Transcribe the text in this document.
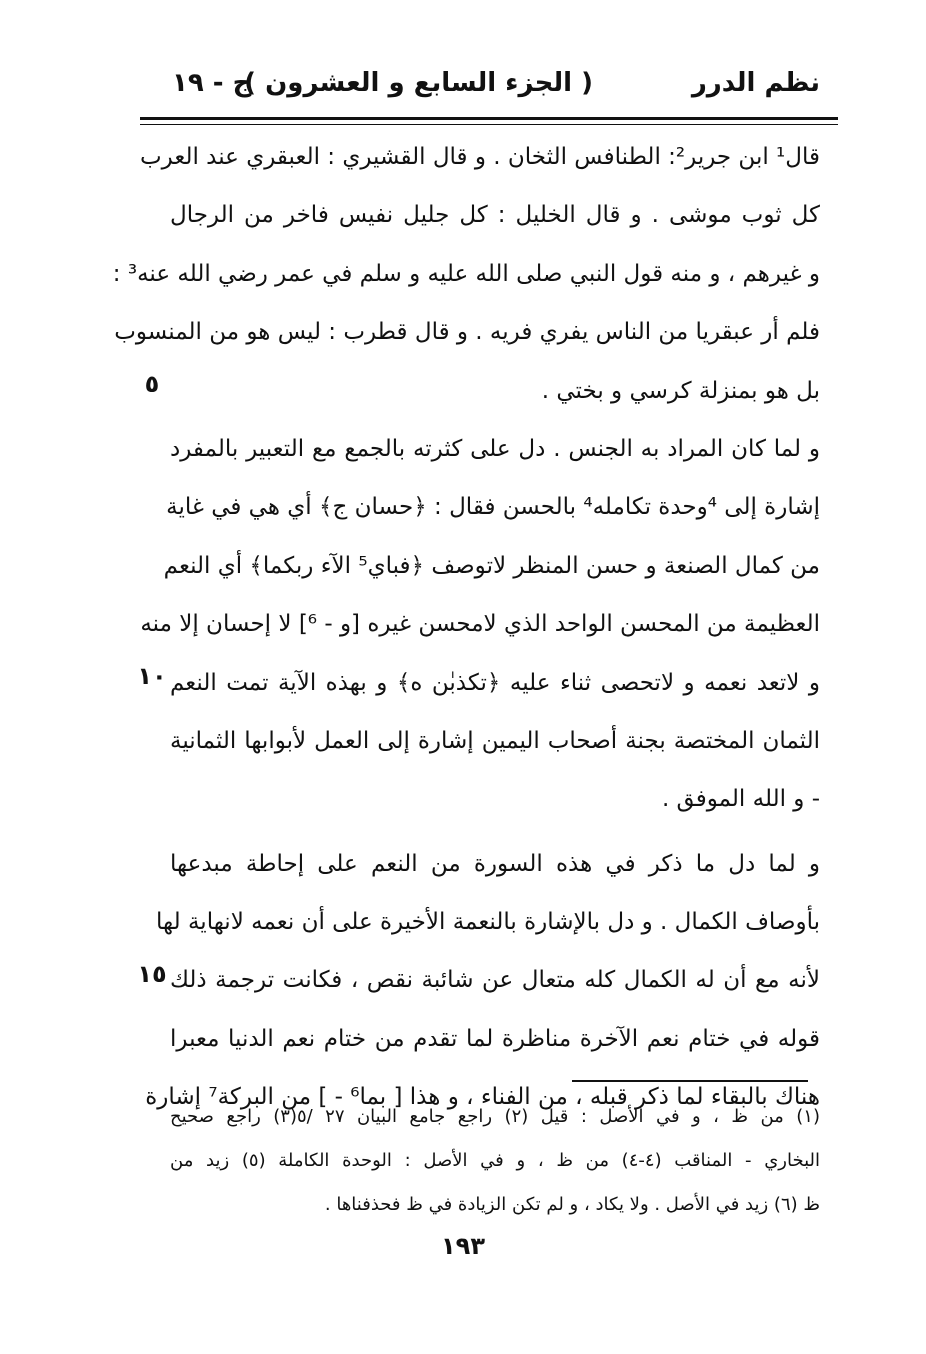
نظم الدرر
( الجزء السابع و العشرون )
ج - ١٩
قال¹ ابن جرير²: الطنافس الثخان . و قال القشيري : العبقري عند العرب
كل ثوب موشى . و قال الخليل : كل جليل نفيس فاخر من الرجال
و غيرهم ، و منه قول النبي صلى الله عليه و سلم في عمر رضي الله عنه³ :
فلم أر عبقريا من الناس يفري فريه . و قال قطرب : ليس هو من المنسوب
بل هو بمنزلة كرسي و بختي .
و لما كان المراد به الجنس . دل على كثرته بالجمع مع التعبير بالمفرد
إشارة إلى ⁴وحدة تكامله⁴ بالحسن فقال : ﴿حسان ج﴾ أي هي في غاية
من كمال الصنعة و حسن المنظر لاتوصف ﴿فباي⁵ الآء ربكما﴾ أي النعم
العظيمة من المحسن الواحد الذي لامحسن غيره [و - ⁶] لا إحسان إلا منه
و لاتعد نعمه و لاتحصى ثناء عليه ﴿تكذبٰن ه﴾ و بهذه الآية تمت النعم
الثمان المختصة بجنة أصحاب اليمين إشارة إلى العمل لأبوابها الثمانية
- و الله الموفق .
و لما دل ما ذكر في هذه السورة من النعم على إحاطة مبدعها
بأوصاف الكمال . و دل بالإشارة بالنعمة الأخيرة على أن نعمه لانهاية لها
لأنه مع أن له الكمال كله متعال عن شائبة نقص ، فكانت ترجمة ذلك
قوله في ختام نعم الآخرة مناظرة لما تقدم من ختام نعم الدنيا معبرا
هناك بالبقاء لما ذكر قبله ، من الفناء ، و هذا [ بما⁶ - ] من البركة⁷ إشارة
٥
١٠
١٥
(١) من ظ ، و في الأصل : قيل (٢) راجع جامع البيان ٢٧ /٥(٣) راجع صحيح
البخاري - المناقب (٤-٤) من ظ ، و في الأصل : الوحدة الكاملة (٥) زيد من
ظ (٦) زيد في الأصل . ولا يكاد ، و لم تكن الزيادة في ظ فحذفناها .
١٩٣
